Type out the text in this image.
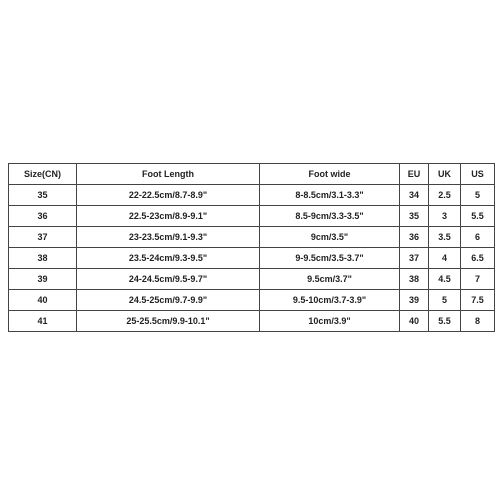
Size(CN)	Foot Length	Foot wide	EU	UK	US
35	22-22.5cm/8.7-8.9"	8-8.5cm/3.1-3.3"	34	2.5	5
36	22.5-23cm/8.9-9.1"	8.5-9cm/3.3-3.5"	35	3	5.5
37	23-23.5cm/9.1-9.3"	9cm/3.5"	36	3.5	6
38	23.5-24cm/9.3-9.5"	9-9.5cm/3.5-3.7"	37	4	6.5
39	24-24.5cm/9.5-9.7"	9.5cm/3.7"	38	4.5	7
40	24.5-25cm/9.7-9.9"	9.5-10cm/3.7-3.9"	39	5	7.5
41	25-25.5cm/9.9-10.1"	10cm/3.9"	40	5.5	8
